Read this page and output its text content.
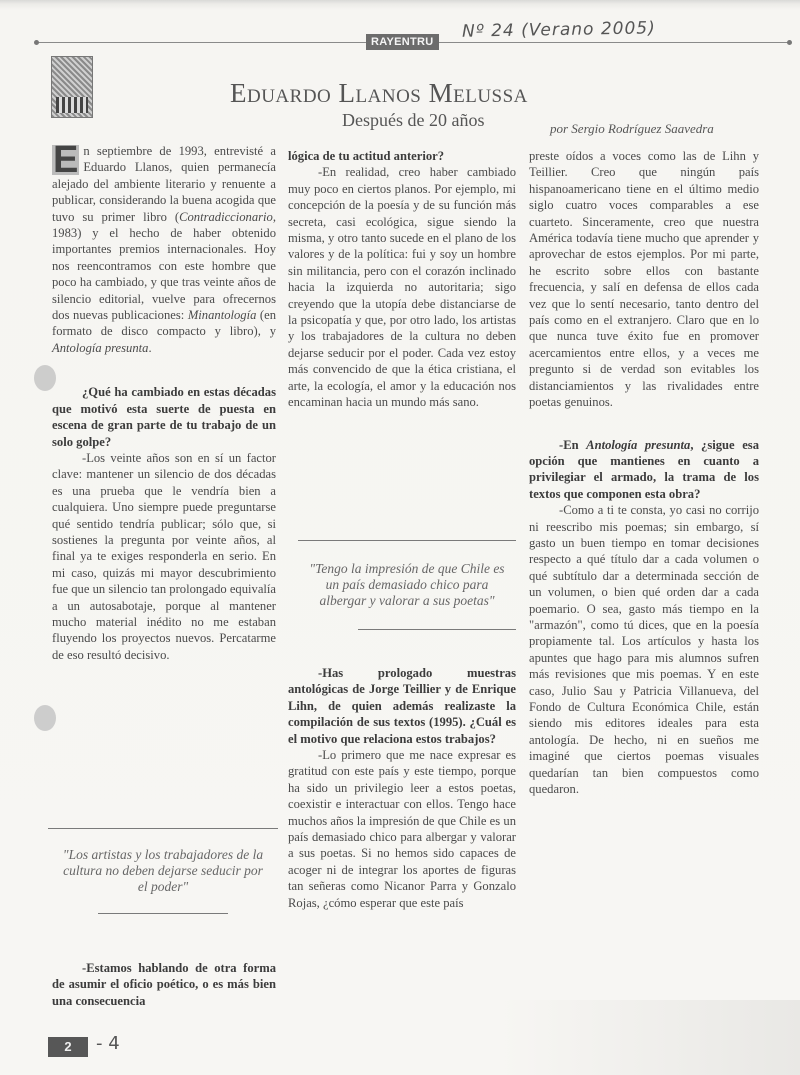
RAYENTRU
Nº 24 (Verano 2005)
Eduardo Llanos Melussa
Después de 20 años	por Sergio Rodríguez Saavedra

E n septiembre de 1993, entrevisté a Eduardo Llanos, quien permanecía alejado del ambiente literario y renuente a publicar, considerando la buena acogida que tuvo su primer libro (Contradiccionario, 1983) y el hecho de haber obtenido importantes premios internacionales. Hoy nos reencontramos con este hombre que poco ha cambiado, y que tras veinte años de silencio editorial, vuelve para ofrecernos dos nuevas publicaciones: Minantología (en formato de disco compacto y libro), y Antología presunta.

¿Qué ha cambiado en estas décadas que motivó esta suerte de puesta en escena de gran parte de tu trabajo de un solo golpe?

-Los veinte años son en sí un factor clave: mantener un silencio de dos décadas es una prueba que le vendría bien a cualquiera. Uno siempre puede preguntarse qué sentido tendría publicar; sólo que, si sostienes la pregunta por veinte años, al final ya te exiges responderla en serio. En mi caso, quizás mi mayor descubrimiento fue que un silencio tan prolongado equivalía a un autosabotaje, porque al mantener mucho material inédito no me estaban fluyendo los proyectos nuevos. Percatarme de eso resultó decisivo.

"Los artistas y los trabajadores de la cultura no deben dejarse seducir por el poder"

-Estamos hablando de otra forma de asumir el oficio poético, o es más bien una consecuencia

lógica de tu actitud anterior?

-En realidad, creo haber cambiado muy poco en ciertos planos. Por ejemplo, mi concepción de la poesía y de su función más secreta, casi ecológica, sigue siendo la misma, y otro tanto sucede en el plano de los valores y de la política: fui y soy un hombre sin militancia, pero con el corazón inclinado hacia la izquierda no autoritaria; sigo creyendo que la utopía debe distanciarse de la psicopatía y que, por otro lado, los artistas y los trabajadores de la cultura no deben dejarse seducir por el poder. Cada vez estoy más convencido de que la ética cristiana, el arte, la ecología, el amor y la educación nos encaminan hacia un mundo más sano.

"Tengo la impresión de que Chile es un país demasiado chico para albergar y valorar a sus poetas"

-Has prologado muestras antológicas de Jorge Teillier y de Enrique Lihn, de quien además realizaste la compilación de sus textos (1995). ¿Cuál es el motivo que relaciona estos trabajos?

-Lo primero que me nace expresar es gratitud con este país y este tiempo, porque ha sido un privilegio leer a estos poetas, coexistir e interactuar con ellos. Tengo hace muchos años la impresión de que Chile es un país demasiado chico para albergar y valorar a sus poetas. Si no hemos sido capaces de acoger ni de integrar los aportes de figuras tan señeras como Nicanor Parra y Gonzalo Rojas, ¿cómo esperar que este país

preste oídos a voces como las de Lihn y Teillier. Creo que ningún país hispanoamericano tiene en el último medio siglo cuatro voces comparables a ese cuarteto. Sinceramente, creo que nuestra América todavía tiene mucho que aprender y aprovechar de estos ejemplos. Por mi parte, he escrito sobre ellos con bastante frecuencia, y salí en defensa de ellos cada vez que lo sentí necesario, tanto dentro del país como en el extranjero. Claro que en lo que nunca tuve éxito fue en promover acercamientos entre ellos, y a veces me pregunto si de verdad son evitables los distanciamientos y las rivalidades entre poetas genuinos.

-En Antología presunta, ¿sigue esa opción que mantienes en cuanto a privilegiar el armado, la trama de los textos que componen esta obra?

-Como a ti te consta, yo casi no corrijo ni reescribo mis poemas; sin embargo, sí gasto un buen tiempo en tomar decisiones respecto a qué título dar a cada volumen o qué subtítulo dar a determinada sección de un volumen, o bien qué orden dar a cada poemario. O sea, gasto más tiempo en la "armazón", como tú dices, que en la poesía propiamente tal. Los artículos y hasta los apuntes que hago para mis alumnos sufren más revisiones que mis poemas. Y en este caso, Julio Sau y Patricia Villanueva, del Fondo de Cultura Económica Chile, están siendo mis editores ideales para esta antología. De hecho, ni en sueños me imaginé que ciertos poemas visuales quedarían tan bien compuestos como quedaron.

2	- 4
